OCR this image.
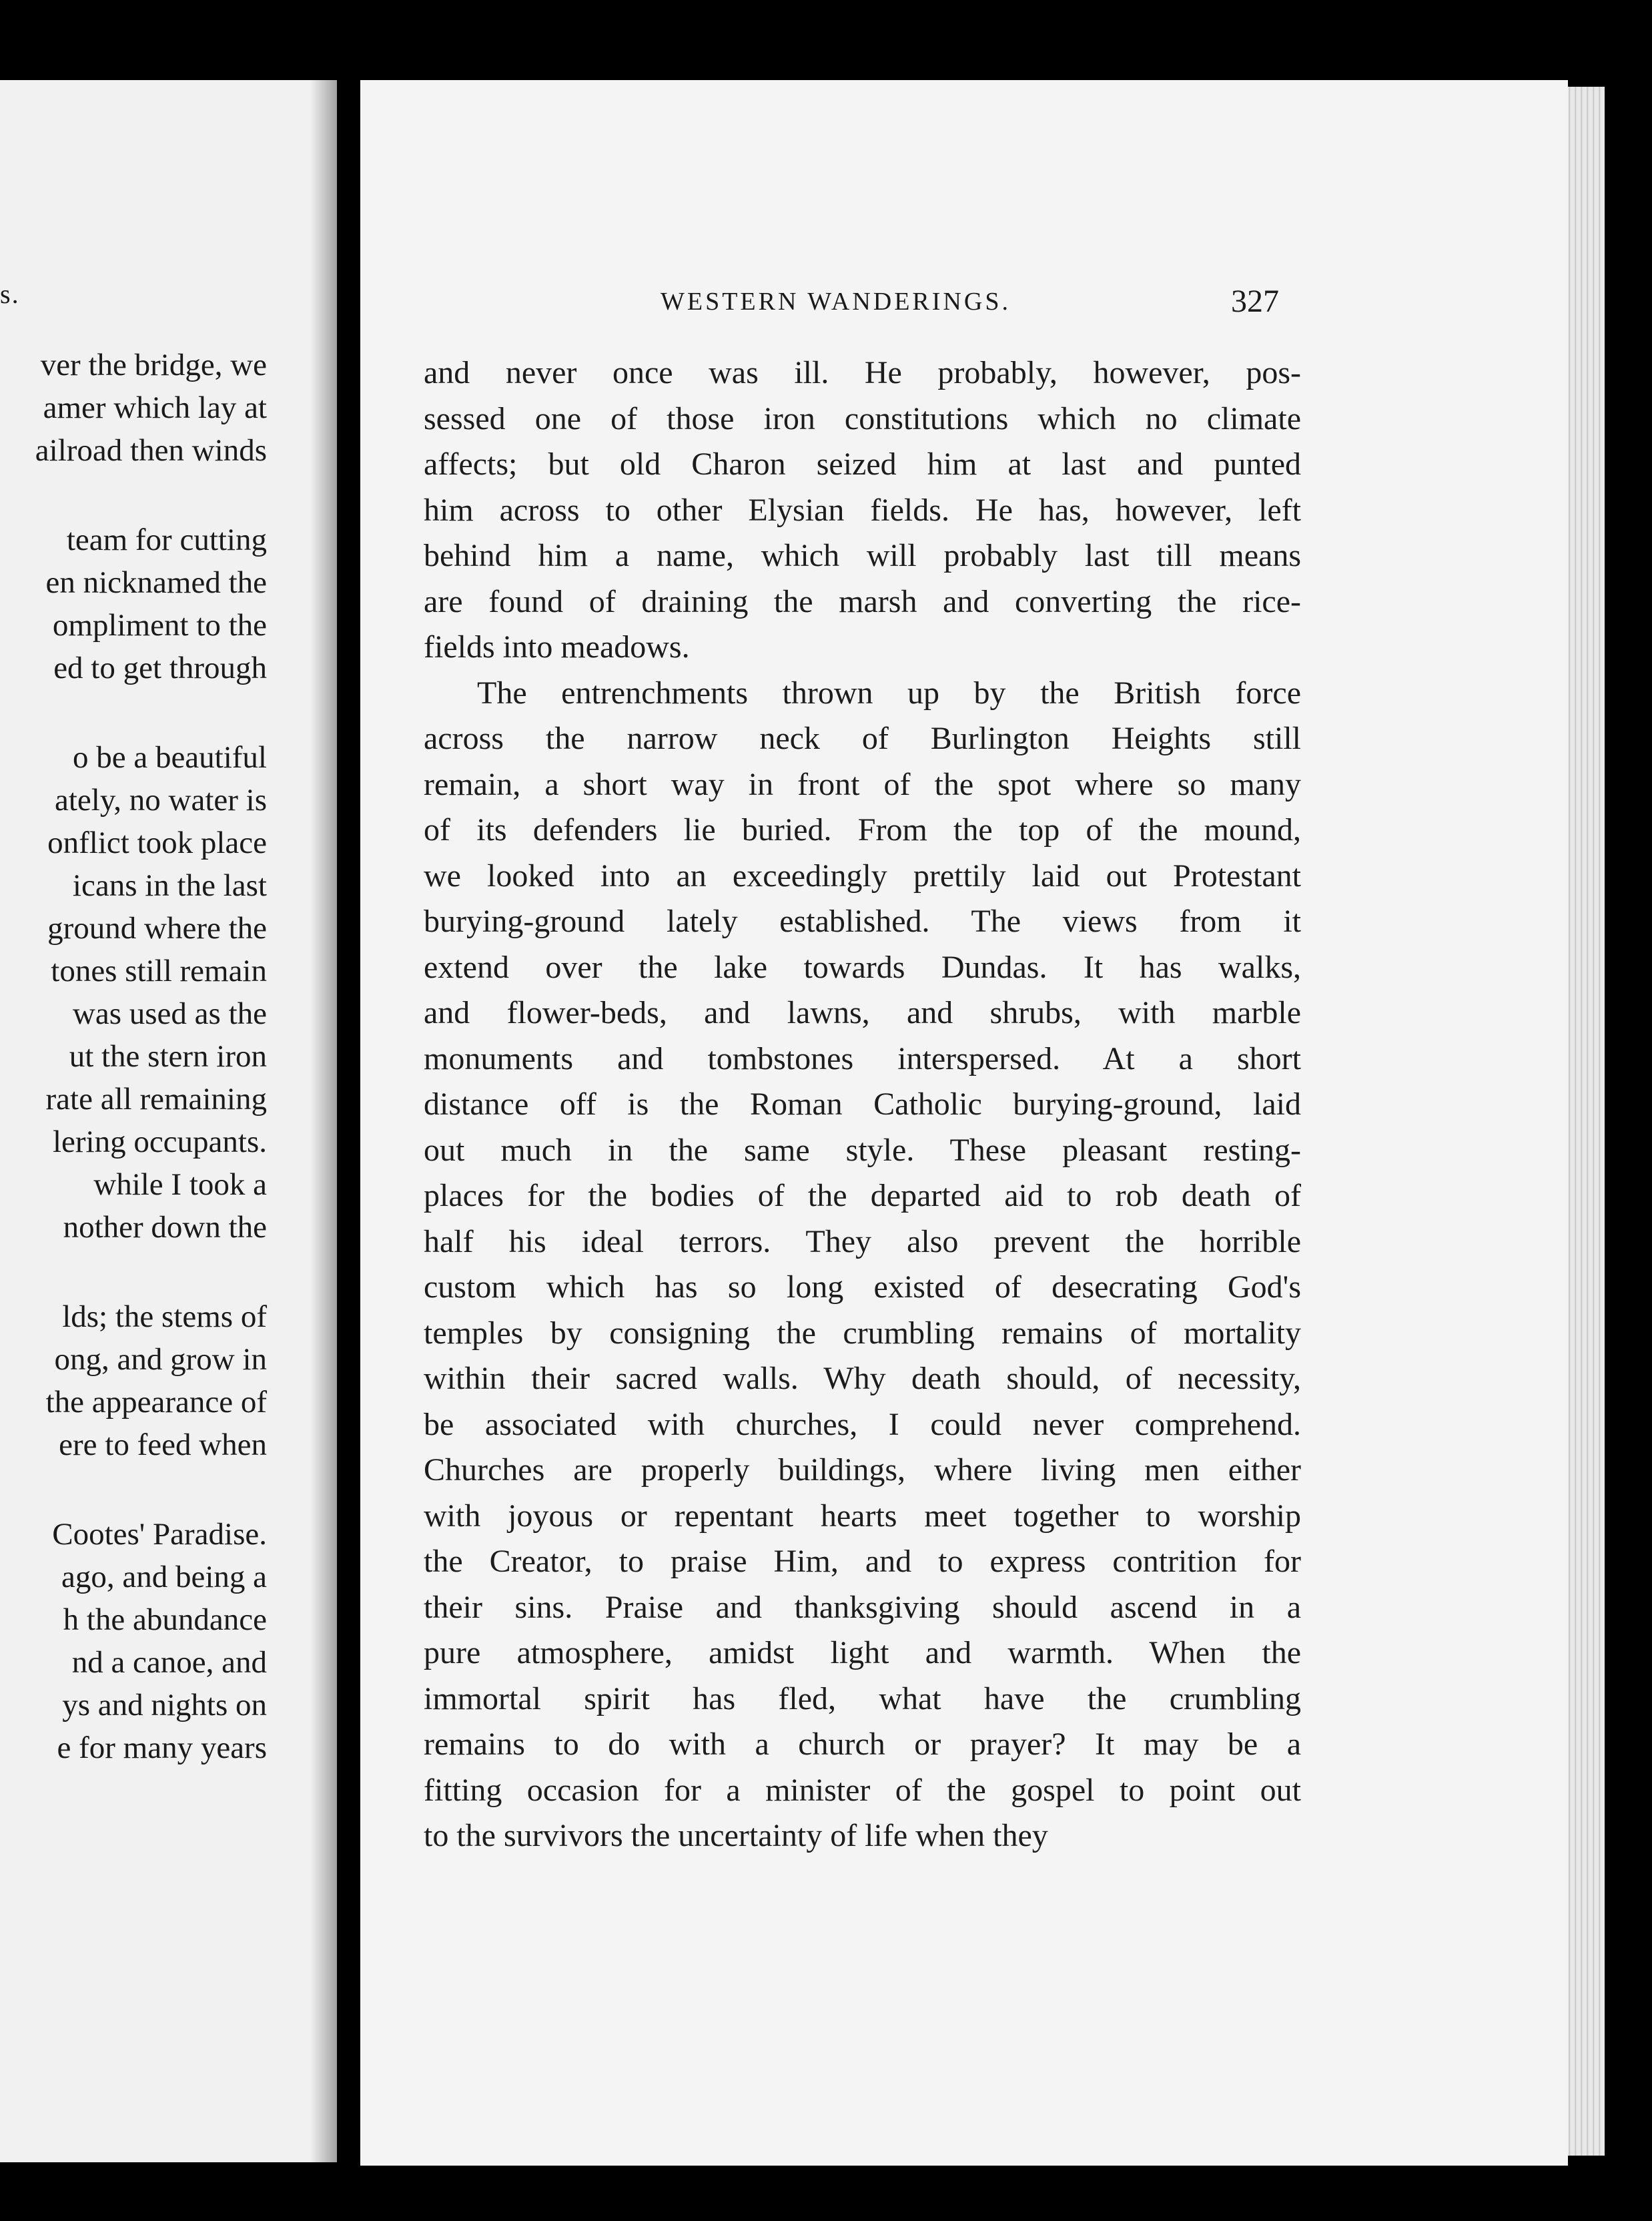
s.
ver the bridge, we
amer which lay at
ailroad then winds
team for cutting
en nicknamed the
ompliment to the
ed to get through
o be a beautiful
ately, no water is
onflict took place
icans in the last
ground where the
tones still remain
was used as the
ut the stern iron
rate all remaining
lering occupants.
while I took a
nother down the
lds; the stems of
ong, and grow in
the appearance of
ere to feed when
Cootes' Paradise.
ago, and being a
h the abundance
nd a canoe, and
ys and nights on
e for many years
WESTERN WANDERINGS.	327
and never once was ill. He probably, however, pos-
sessed one of those iron constitutions which no climate
affects; but old Charon seized him at last and punted
him across to other Elysian fields. He has, however, left
behind him a name, which will probably last till means
are found of draining the marsh and converting the rice-
fields into meadows.
The entrenchments thrown up by the British force
across the narrow neck of Burlington Heights still
remain, a short way in front of the spot where so many
of its defenders lie buried. From the top of the mound,
we looked into an exceedingly prettily laid out Protestant
burying-ground lately established. The views from it
extend over the lake towards Dundas. It has walks,
and flower-beds, and lawns, and shrubs, with marble
monuments and tombstones interspersed. At a short
distance off is the Roman Catholic burying-ground, laid
out much in the same style. These pleasant resting-
places for the bodies of the departed aid to rob death of
half his ideal terrors. They also prevent the horrible
custom which has so long existed of desecrating God's
temples by consigning the crumbling remains of mortality
within their sacred walls. Why death should, of necessity,
be associated with churches, I could never comprehend.
Churches are properly buildings, where living men either
with joyous or repentant hearts meet together to worship
the Creator, to praise Him, and to express contrition for
their sins. Praise and thanksgiving should ascend in a
pure atmosphere, amidst light and warmth. When the
immortal spirit has fled, what have the crumbling
remains to do with a church or prayer? It may be a
fitting occasion for a minister of the gospel to point out
to the survivors the uncertainty of life when they
